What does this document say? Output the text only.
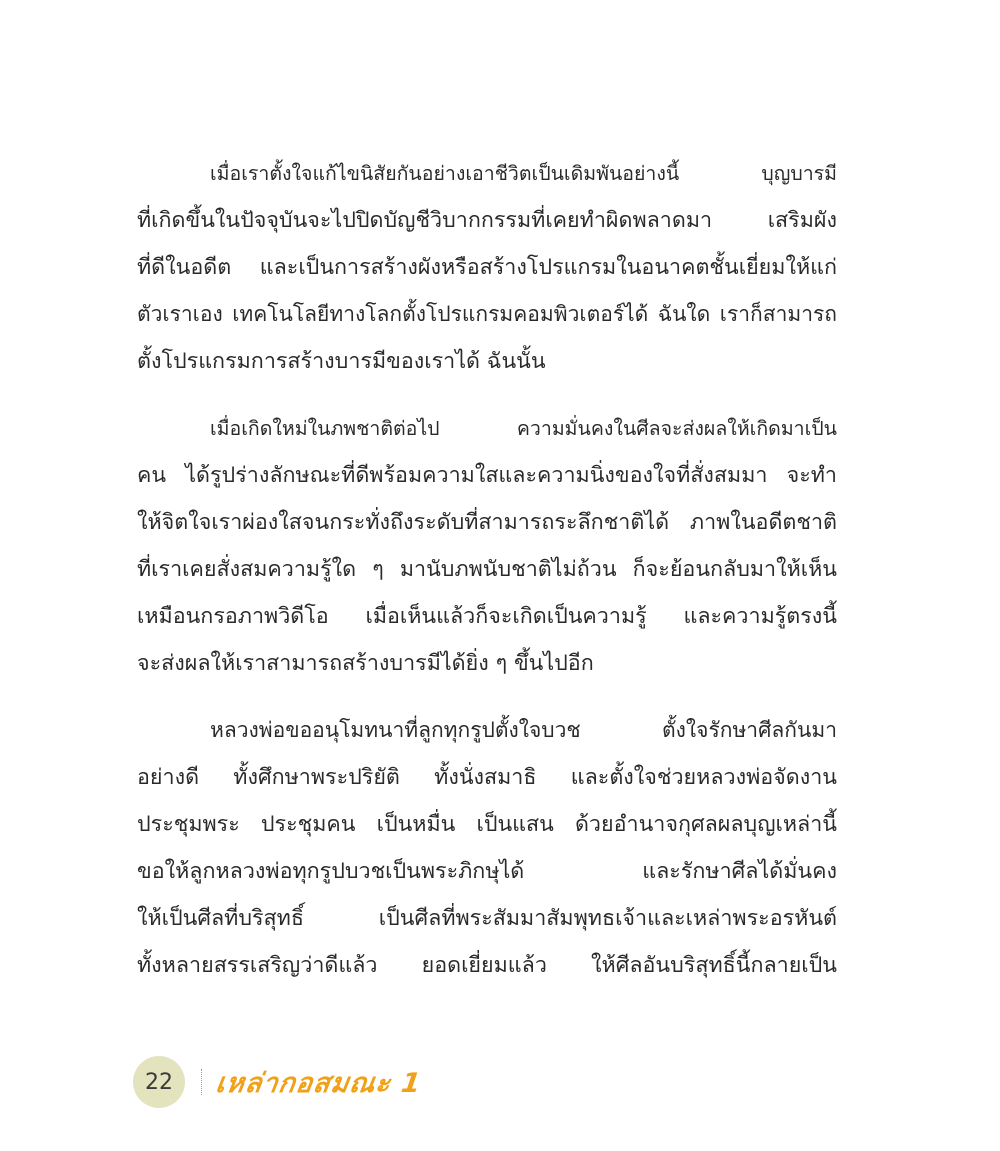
เมื่อเราตั้งใจแก้ไขนิสัยกันอย่างเอาชีวิตเป็นเดิมพันอย่างนี้ บุญบารมี
ที่เกิดขึ้นในปัจจุบันจะไปปิดบัญชีวิบากกรรมที่เคยทำผิดพลาดมา เสริมผัง
ที่ดีในอดีต และเป็นการสร้างผังหรือสร้างโปรแกรมในอนาคตชั้นเยี่ยมให้แก่
ตัวเราเอง เทคโนโลยีทางโลกตั้งโปรแกรมคอมพิวเตอร์ได้ ฉันใด เราก็สามารถ
ตั้งโปรแกรมการสร้างบารมีของเราได้ ฉันนั้น
เมื่อเกิดใหม่ในภพชาติต่อไป ความมั่นคงในศีลจะส่งผลให้เกิดมาเป็น
คน ได้รูปร่างลักษณะที่ดีพร้อมความใสและความนิ่งของใจที่สั่งสมมา จะทำ
ให้จิตใจเราผ่องใสจนกระทั่งถึงระดับที่สามารถระลึกชาติได้ ภาพในอดีตชาติ
ที่เราเคยสั่งสมความรู้ใด ๆ มานับภพนับชาติไม่ถ้วน ก็จะย้อนกลับมาให้เห็น
เหมือนกรอภาพวิดีโอ เมื่อเห็นแล้วก็จะเกิดเป็นความรู้ และความรู้ตรงนี้
จะส่งผลให้เราสามารถสร้างบารมีได้ยิ่ง ๆ ขึ้นไปอีก
หลวงพ่อขออนุโมทนาที่ลูกทุกรูปตั้งใจบวช ตั้งใจรักษาศีลกันมา
อย่างดี ทั้งศึกษาพระปริยัติ ทั้งนั่งสมาธิ และตั้งใจช่วยหลวงพ่อจัดงาน
ประชุมพระ ประชุมคน เป็นหมื่น เป็นแสน ด้วยอำนาจกุศลผลบุญเหล่านี้
ขอให้ลูกหลวงพ่อทุกรูปบวชเป็นพระภิกษุได้ และรักษาศีลได้มั่นคง
ให้เป็นศีลที่บริสุทธิ์ เป็นศีลที่พระสัมมาสัมพุทธเจ้าและเหล่าพระอรหันต์
ทั้งหลายสรรเสริญว่าดีแล้ว ยอดเยี่ยมแล้ว ให้ศีลอันบริสุทธิ์นี้กลายเป็น
22 เหล่ากอสมณะ 1
